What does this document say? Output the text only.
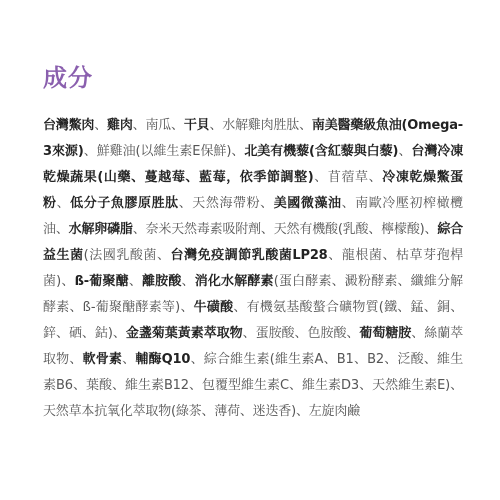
成分

台灣鱉肉、雞肉、南瓜、干貝、水解雞肉胜肽、南美醫藥級魚油(Omega-3來源)、鮮雞油(以維生素E保鮮)、北美有機藜(含紅藜與白藜)、台灣冷凍乾燥蔬果(山藥、蔓越莓、藍莓，依季節調整)、苜蓿草、冷凍乾燥鱉蛋粉、低分子魚膠原胜肽、天然海帶粉、美國微藻油、南歐冷壓初榨橄欖油、水解卵磷脂、奈米天然毒素吸附劑、天然有機酸(乳酸、檸檬酸)、綜合益生菌(法國乳酸菌、台灣免疫調節乳酸菌LP28、龍根菌、枯草芽孢桿菌)、ß-葡聚醣、離胺酸、消化水解酵素(蛋白酵素、澱粉酵素、纖維分解酵素、ß-葡聚醣酵素等)、牛磺酸、有機氨基酸螯合礦物質(鐵、錳、銅、鋅、硒、鈷)、金盞菊葉黃素萃取物、蛋胺酸、色胺酸、葡萄糖胺、絲蘭萃取物、軟骨素、輔酶Q10、綜合維生素(維生素A、B1、B2、泛酸、維生素B6、葉酸、維生素B12、包覆型維生素C、維生素D3、天然維生素E)、天然草本抗氧化萃取物(綠茶、薄荷、迷迭香)、左旋肉鹼
